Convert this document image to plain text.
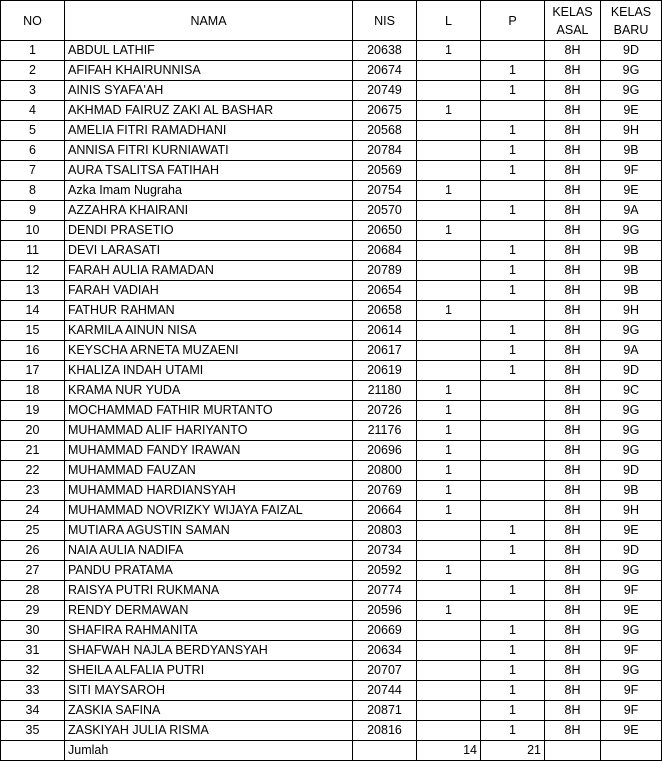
NO	NAMA	NIS	L	P	KELAS ASAL	KELAS BARU
1	ABDUL LATHIF	20638	1		8H	9D
2	AFIFAH KHAIRUNNISA	20674		1	8H	9G
3	AINIS SYAFA'AH	20749		1	8H	9G
4	AKHMAD FAIRUZ ZAKI AL BASHAR	20675	1		8H	9E
5	AMELIA FITRI RAMADHANI	20568		1	8H	9H
6	ANNISA FITRI KURNIAWATI	20784		1	8H	9B
7	AURA TSALITSA FATIHAH	20569		1	8H	9F
8	Azka Imam Nugraha	20754	1		8H	9E
9	AZZAHRA KHAIRANI	20570		1	8H	9A
10	DENDI PRASETIO	20650	1		8H	9G
11	DEVI LARASATI	20684		1	8H	9B
12	FARAH AULIA RAMADAN	20789		1	8H	9B
13	FARAH VADIAH	20654		1	8H	9B
14	FATHUR RAHMAN	20658	1		8H	9H
15	KARMILA AINUN NISA	20614		1	8H	9G
16	KEYSCHA ARNETA MUZAENI	20617		1	8H	9A
17	KHALIZA INDAH UTAMI	20619		1	8H	9D
18	KRAMA NUR YUDA	21180	1		8H	9C
19	MOCHAMMAD FATHIR MURTANTO	20726	1		8H	9G
20	MUHAMMAD ALIF HARIYANTO	21176	1		8H	9G
21	MUHAMMAD FANDY IRAWAN	20696	1		8H	9G
22	MUHAMMAD FAUZAN	20800	1		8H	9D
23	MUHAMMAD HARDIANSYAH	20769	1		8H	9B
24	MUHAMMAD NOVRIZKY WIJAYA FAIZAL	20664	1		8H	9H
25	MUTIARA AGUSTIN SAMAN	20803		1	8H	9E
26	NAIA AULIA NADIFA	20734		1	8H	9D
27	PANDU PRATAMA	20592	1		8H	9G
28	RAISYA PUTRI RUKMANA	20774		1	8H	9F
29	RENDY DERMAWAN	20596	1		8H	9E
30	SHAFIRA RAHMANITA	20669		1	8H	9G
31	SHAFWAH NAJLA BERDYANSYAH	20634		1	8H	9F
32	SHEILA ALFALIA PUTRI	20707		1	8H	9G
33	SITI MAYSAROH	20744		1	8H	9F
34	ZASKIA SAFINA	20871		1	8H	9F
35	ZASKIYAH JULIA RISMA	20816		1	8H	9E
	Jumlah		14	21		
